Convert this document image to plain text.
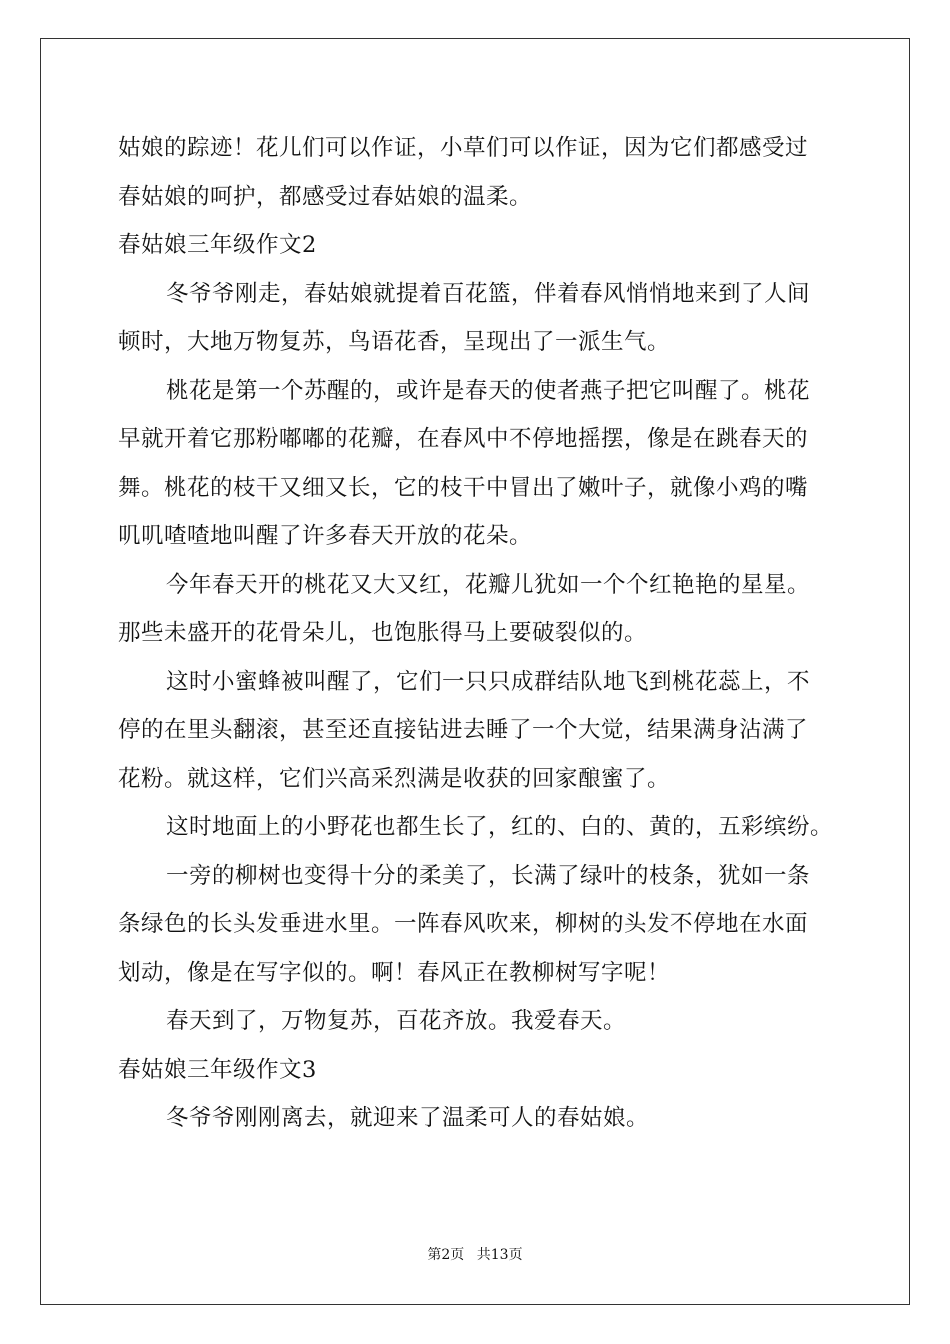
姑娘的踪迹！花儿们可以作证，小草们可以作证，因为它们都感受过
春姑娘的呵护，都感受过春姑娘的温柔。
春姑娘三年级作文2
冬爷爷刚走，春姑娘就提着百花篮，伴着春风悄悄地来到了人间
顿时，大地万物复苏，鸟语花香，呈现出了一派生气。
桃花是第一个苏醒的，或许是春天的使者燕子把它叫醒了。桃花
早就开着它那粉嘟嘟的花瓣，在春风中不停地摇摆，像是在跳春天的
舞。桃花的枝干又细又长，它的枝干中冒出了嫩叶子，就像小鸡的嘴
叽叽喳喳地叫醒了许多春天开放的花朵。
今年春天开的桃花又大又红，花瓣儿犹如一个个红艳艳的星星。
那些未盛开的花骨朵儿，也饱胀得马上要破裂似的。
这时小蜜蜂被叫醒了，它们一只只成群结队地飞到桃花蕊上，不
停的在里头翻滚，甚至还直接钻进去睡了一个大觉，结果满身沾满了
花粉。就这样，它们兴高采烈满是收获的回家酿蜜了。
这时地面上的小野花也都生长了，红的、白的、黄的，五彩缤纷。
一旁的柳树也变得十分的柔美了，长满了绿叶的枝条，犹如一条
条绿色的长头发垂进水里。一阵春风吹来，柳树的头发不停地在水面
划动，像是在写字似的。啊！春风正在教柳树写字呢！
春天到了，万物复苏，百花齐放。我爱春天。
春姑娘三年级作文3
冬爷爷刚刚离去，就迎来了温柔可人的春姑娘。
第2页 共13页
